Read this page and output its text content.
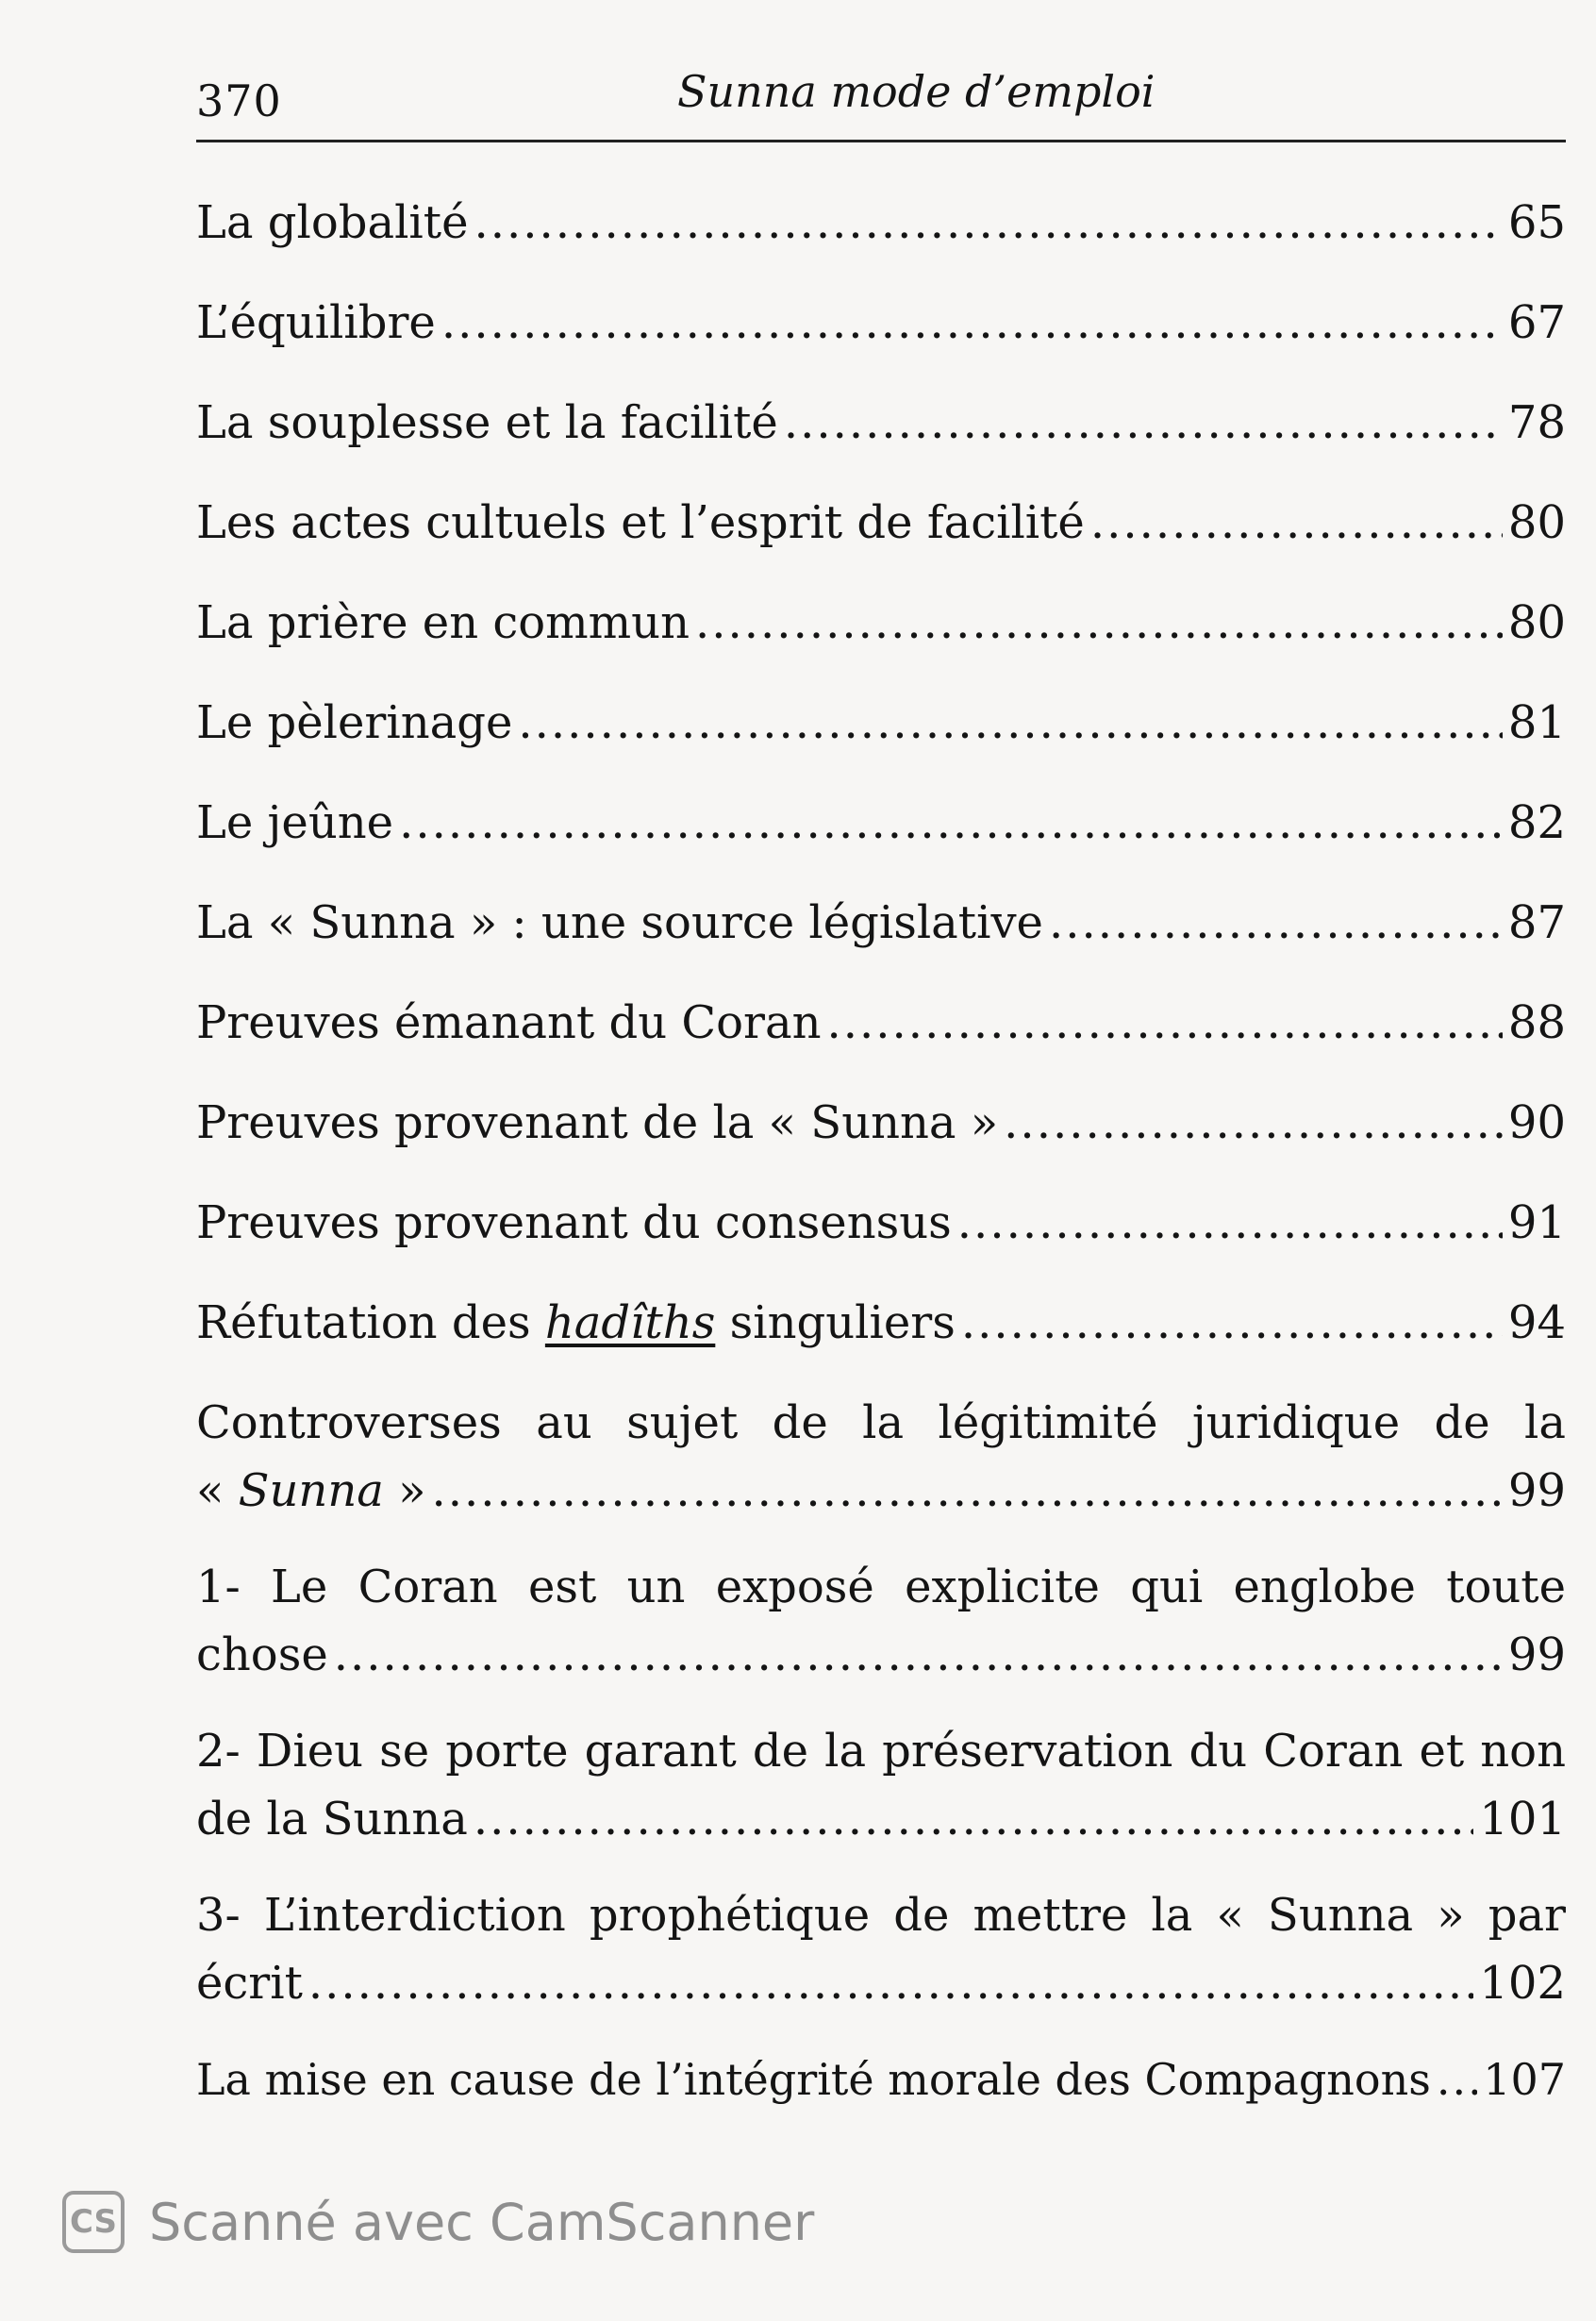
370	Sunna mode d’emploi
La globalité .....	65
L’équilibre .....	67
La souplesse et la facilité .....	78
Les actes cultuels et l’esprit de facilité .....	80
La prière en commun .....	80
Le pèlerinage .....	81
Le jeûne .....	82
La « Sunna » : une source législative .....	87
Preuves émanant du Coran .....	88
Preuves provenant de la « Sunna » .....	90
Preuves provenant du consensus .....	91
Réfutation des hadîths singuliers .....	94
Controverses au sujet de la légitimité juridique de la
« Sunna » .....	99
1- Le Coran est un exposé explicite qui englobe toute
chose .....	99
2- Dieu se porte garant de la préservation du Coran et non
de la Sunna .....	101
3- L’interdiction prophétique de mettre la « Sunna » par
écrit .....	102
La mise en cause de l’intégrité morale des Compagnons ..... 107
CS Scanné avec CamScanner
